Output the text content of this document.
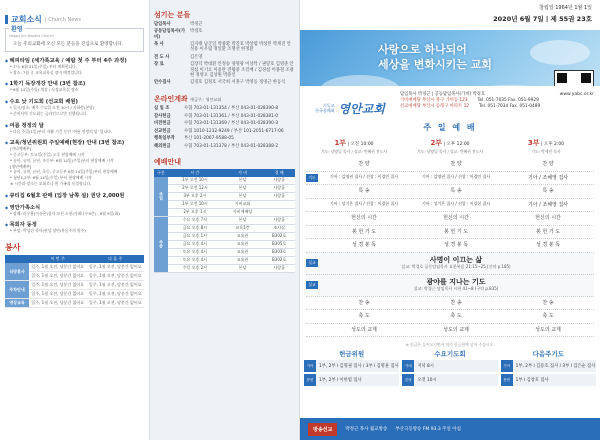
교회소식 | Church News
환영
Happy Jim Baptist Church
오늘 주의교회에 오신 모든 분들을 진심으로 환영합니다.
◆ 헤피타임 (세가족교육 / 예람 첫 주 부터 4주 과정)
* 7시: 6월 21일(주일) 부터 계획합니다.
* 장소: 7월 중 교육교육실 장비 예정입니다.
◆ 1학기 독장개강 안내 (3번 참조)
* 6월 14일(주일) 개강 / 독장교육실 장소
◆ 수요 낮 기도회 (선교회 배원)
* 일시/장소: 매주 수요일 오전 10시 / 지하층(본당)
* 준비사역 기도회는 금라인으로만 진행됩니다.
◆ 여름 정정의 달
* 다음 주일(1일)부터 자활 기간 동안 '여름 정정의 달' 입니다.
◆ 교육/청년위원회 주일예배(현장) 안내 (3번 참조)
[자녀예배부]
* 중고등부: 토요일(주일) 오후 현장예배 시작
* 유아, 유치, 유년, 초등부: 6월 14일(주일)부터 현장예배 시작
[청년예배부]
* 유아, 유치, 유년, 초등, 중고등부 6월 14일(주일)부터 현장예배
* 청년1,2부: 6월 14일(주일) 부터 현장예배 시작
※ 시간과 장소는 교회로나 편 가족과 동일합니다.
◆ 큐티집 6월호 판매 (입장 남쪽 설) 권당 2,000원
◆ 영안가족소식
* 장례: 이우용(이슈은)집사 모친 소천(가데나무9층) - 6월 9일(화)
◆ 목회자 동정
* 부임: 박성진 목사(권성 장년/복음주의 원주)
봉사
	이 번 주	다 음 주
식당봉사	일주, 1월 오전, 당분간 없어요	일주, 1월 오전, 당분간 없어요
	일주, 1월 오전, 당분간 없어요	일주, 1월 오전, 당분간 없어요
주차안내	일주, 1월 오전, 당분간 없어요	일주, 1월 오전, 당분간 없어요
	일주, 1월 오전, 당분간 없어요	일주, 1월 오전, 당분간 없어요
영상교육	일주, 1월 오전, 당분간 없어요	일주, 1월 오전, 당분간 없어요
섬기는 분들
담임목사	박경근
공동담임목사(가비)
박경호
목 사	김지태 남궁일 박종환 박진호 박상엽 박상민 박계진 안성용 이우림 정일환 조명선 한정환
전 도 사	김은영
장 로	김장덕 박대환 안정승 양영광 이상탁 / 권달호 김영준 안경섭 이기요 이용란 전황중 조길배 / 김경섭 이종철 조광현 정영오 김상원 박중인
안수집사	김경호 김정호 서국희 서홍구 박영동 정영근 한동식
온라인계좌 예금주 : 영안교회
십 일 조	수협 703-01-131354 / 부산 043-01-028390-8
감사헌금	수협 703-01-131361 / 부산 043-01-028381-0
비전헌금	수협 703-01-131369 / 부산 043-01-028390-3
선교헌금	수협 1010-1232-9249 / 부산 101-2051-6717-06
행복일부작	부산 101-2067-9588-05
해외헌금	수협 703-01-131378 / 부산 043-01-028388-2
예배안내
구분	시 간	가 비	경 배
주일	1부 오전 10시	본당	사랑홀
	2부 오전 12시	본당	사랑홀
	3부 오후 2시	본당	사랑홀
	1부 오전 10시	가비교회	
	2부 오후 1시	가비예배당	
주중	수요 오후 7시	본당	사랑홀
	금요 오후 8시	교육1층	조사실
	금요 오후 1시	교육관	B302호
	금요 오후 4시	교육관	B305호
	토요 오후 4시	교육관	B303호
	토요 오후 4시	교육관	B302호
	주일 오후 2시	본당	사랑홀
창립일 1964년 1월 1일
2020년 6월 7일 | 제 55권 23호
사랑으로 하나되어
세상을 변화시키는 교회
기독교
한국침례회 영안교회
담임목사 박경근 | 공동담임목사(가비) 박경호
가비예배당 부산시 북구 가비동 123 Tel. 051-7035 Fax. 051-9929
선교예배당 부산시 동래구 아파트 12 Tel. 051-7034 Fax. 051-0489
www.yabc.or.kr
주 일 예 배
1부 | 오전 10:00
기도: 남양일 목사 / 설교: 반혜현 전도사
2부 | 오후 12:00
기도: 남양일 목사 / 설교: 반혜현 전도사
3부 | 오후 2:00
기도: 박세민 목사
찬 양	찬 양	찬 양
기도	기아 : 김명권 집사 / 선창 : 이경민 집사	기아 : 김명권 집사 / 선창 : 이경민 집사	기아 / 조혜영 집사
특 송	특 송	특 송
기아 : 성기은 집사 / 선창 : 이경헌 집사	기아 : 성기은 집사 / 선창 : 이경헌 집사	기아 / 조혜영 집사
헌신의 시간	헌신의 시간	헌신의 시간
봉 헌 기 도	봉 헌 기 도	봉 헌 기 도
성 경 봉 독	성 경 봉 독	성 경 봉 독
설교	사명이 이끄는 삶
설교: 박경호 공동담임목사 요한복음 21:15~25 (신약 p.185)
설교	광야를 지나는 기도
설교: 박경근 담임목사 시편 41~8 (구약 p.835)
찬 송	찬 송	찬 송
축 도	축 도	축 도
성도의 교제	성도의 교제	성도의 교제
※ 헌금은 들어오시면서 미리 헌금함에 넣어 주십시오.
헌금위원
기아	1부, 2부 l 김명권 집사 / 3부 l 김명훈 집사
봉헌	1부, 2부 l 이한엽 집사
수요기도회
가비	저녁 8시
본당	오전 10시
다음주기도
기아	1부, 2부 l 김용호 집사 / 3부 l 김은순 집사
봉헌	1부 l 김창호 집사
방송선교	박정근 목사 월교방송 부산극동방송 FM 93.3 주일 아침
